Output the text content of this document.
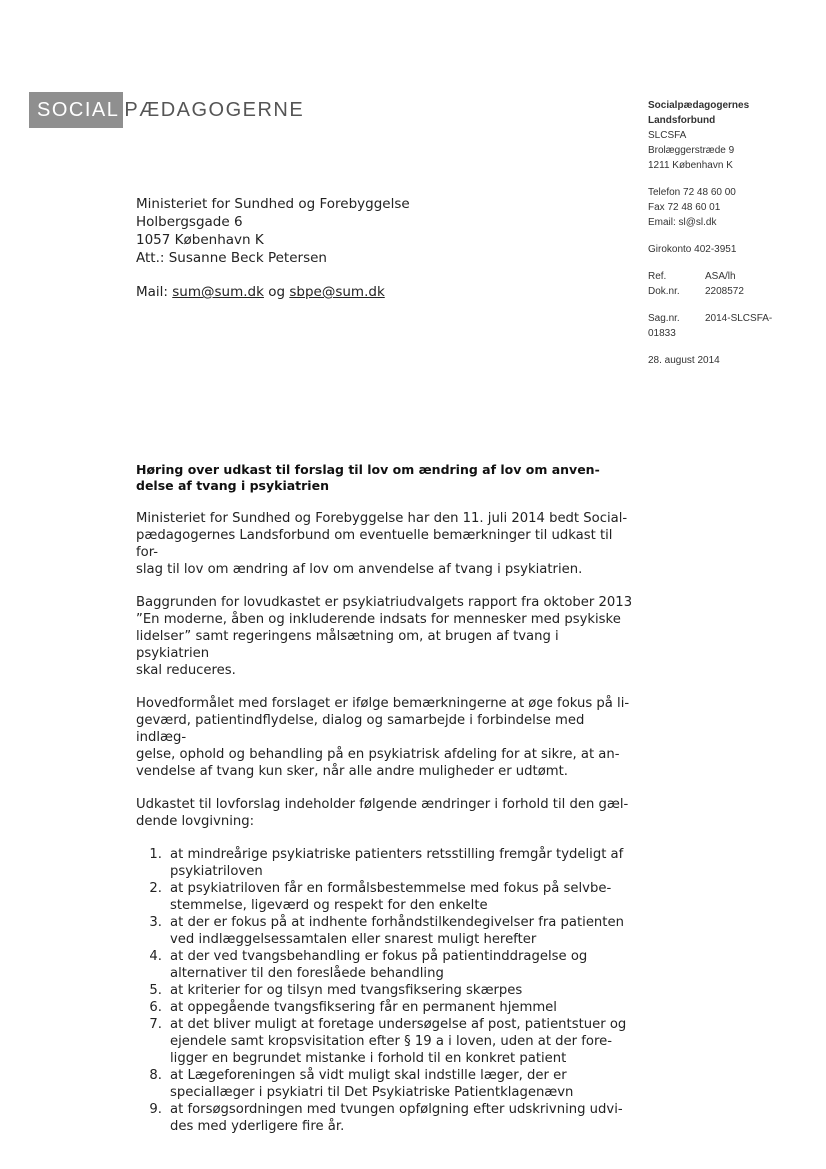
SOCIAL PÆDAGOGERNE	Socialpædagogernes
Landsforbund
SLCSFA
Brolæggerstræde 9
1211 København K
Telefon 72 48 60 00
Fax 72 48 60 01
Email: sl@sl.dk
Girokonto 402-3951
Ref.	ASA/lh
Dok.nr.	2208572
Sag.nr.	2014-SLCSFA-
01833
28. august 2014
Ministeriet for Sundhed og Forebyggelse
Holbergsgade 6
1057 København K
Att.: Susanne Beck Petersen
Mail: sum@sum.dk og sbpe@sum.dk
Høring over udkast til forslag til lov om ændring af lov om anven-
delse af tvang i psykiatrien

Ministeriet for Sundhed og Forebyggelse har den 11. juli 2014 bedt Social-
pædagogernes Landsforbund om eventuelle bemærkninger til udkast til for-
slag til lov om ændring af lov om anvendelse af tvang i psykiatrien.

Baggrunden for lovudkastet er psykiatriudvalgets rapport fra oktober 2013
”En moderne, åben og inkluderende indsats for mennesker med psykiske
lidelser” samt regeringens målsætning om, at brugen af tvang i psykiatrien
skal reduceres.

Hovedformålet med forslaget er ifølge bemærkningerne at øge fokus på li-
geværd, patientindflydelse, dialog og samarbejde i forbindelse med indlæg-
gelse, ophold og behandling på en psykiatrisk afdeling for at sikre, at an-
vendelse af tvang kun sker, når alle andre muligheder er udtømt.

Udkastet til lovforslag indeholder følgende ændringer i forhold til den gæl-
dende lovgivning:

1. at mindreårige psykiatriske patienters retsstilling fremgår tydeligt af
psykiatriloven
2. at psykiatriloven får en formålsbestemmelse med fokus på selvbe-
stemmelse, ligeværd og respekt for den enkelte
3. at der er fokus på at indhente forhåndstilkendegivelser fra patienten
ved indlæggelsessamtalen eller snarest muligt herefter
4. at der ved tvangsbehandling er fokus på patientinddragelse og
alternativer til den foreslåede behandling
5. at kriterier for og tilsyn med tvangsfiksering skærpes
6. at oppegående tvangsfiksering får en permanent hjemmel
7. at det bliver muligt at foretage undersøgelse af post, patientstuer og
ejendele samt kropsvisitation efter § 19 a i loven, uden at der fore-
ligger en begrundet mistanke i forhold til en konkret patient
8. at Lægeforeningen så vidt muligt skal indstille læger, der er
speciallæger i psykiatri til Det Psykiatriske Patientklagenævn
9. at forsøgsordningen med tvungen opfølgning efter udskrivning udvi-
des med yderligere fire år.
